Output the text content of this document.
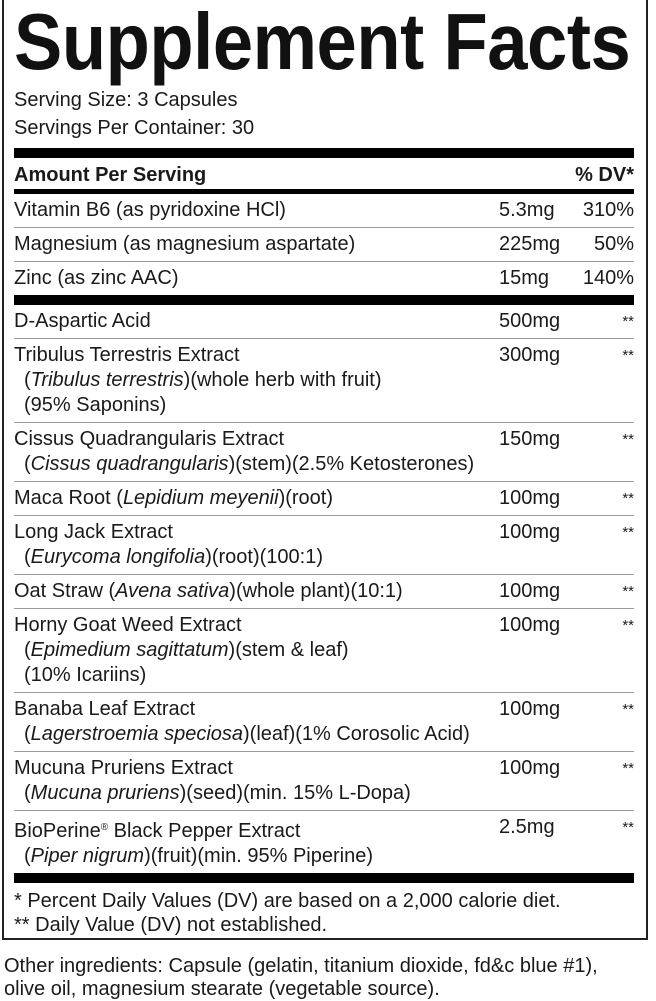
Supplement Facts
Serving Size: 3 Capsules
Servings Per Container: 30
Amount Per Serving	% DV*
Vitamin B6 (as pyridoxine HCl)	5.3mg	310%
Magnesium (as magnesium aspartate)	225mg	50%
Zinc (as zinc AAC)	15mg	140%
D-Aspartic Acid	500mg	**
Tribulus Terrestris Extract
(Tribulus terrestris)(whole herb with fruit)
(95% Saponins)
300mg	**
Cissus Quadrangularis Extract
(Cissus quadrangularis)(stem)(2.5% Ketosterones)
150mg	**
Maca Root (Lepidium meyenii)(root)	100mg	**
Long Jack Extract
(Eurycoma longifolia)(root)(100:1)
100mg	**
Oat Straw (Avena sativa)(whole plant)(10:1)	100mg	**
Horny Goat Weed Extract
(Epimedium sagittatum)(stem & leaf)
(10% Icariins)
100mg	**
Banaba Leaf Extract
(Lagerstroemia speciosa)(leaf)(1% Corosolic Acid)
100mg	**
Mucuna Pruriens Extract
(Mucuna pruriens)(seed)(min. 15% L-Dopa)
100mg	**
BioPerine® Black Pepper Extract
(Piper nigrum)(fruit)(min. 95% Piperine)
2.5mg	**
* Percent Daily Values (DV) are based on a 2,000 calorie diet.
** Daily Value (DV) not established.
Other ingredients: Capsule (gelatin, titanium dioxide, fd&c blue #1),
olive oil, magnesium stearate (vegetable source).
